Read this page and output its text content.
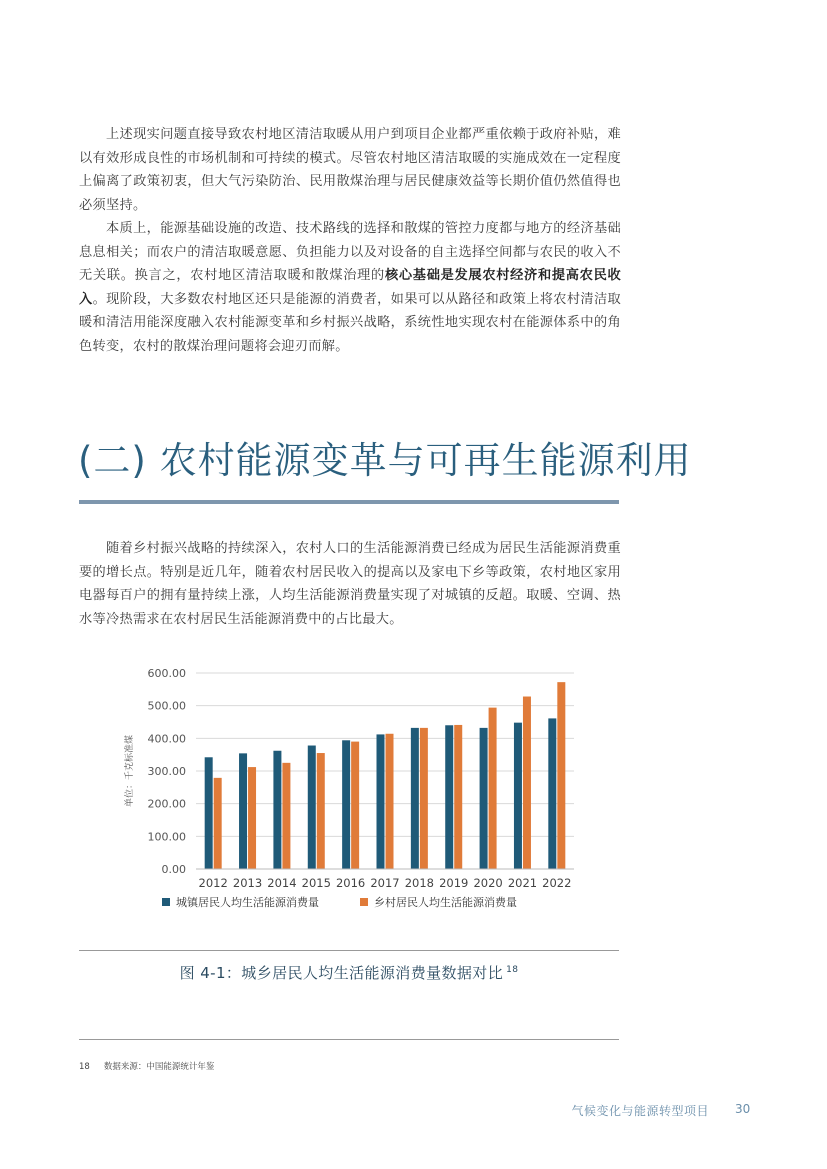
上述现实问题直接导致农村地区清洁取暖从用户到项目企业都严重依赖于政府补贴，难以有效形成良性的市场机制和可持续的模式。尽管农村地区清洁取暖的实施成效在一定程度上偏离了政策初衷，但大气污染防治、民用散煤治理与居民健康效益等长期价值仍然值得也必须坚持。

本质上，能源基础设施的改造、技术路线的选择和散煤的管控力度都与地方的经济基础息息相关；而农户的清洁取暖意愿、负担能力以及对设备的自主选择空间都与农民的收入不无关联。换言之，农村地区清洁取暖和散煤治理的核心基础是发展农村经济和提高农民收入。现阶段，大多数农村地区还只是能源的消费者，如果可以从路径和政策上将农村清洁取暖和清洁用能深度融入农村能源变革和乡村振兴战略，系统性地实现农村在能源体系中的角色转变，农村的散煤治理问题将会迎刃而解。

(二) 农村能源变革与可再生能源利用

随着乡村振兴战略的持续深入，农村人口的生活能源消费已经成为居民生活能源消费重要的增长点。特别是近几年，随着农村居民收入的提高以及家电下乡等政策，农村地区家用电器每百户的拥有量持续上涨，人均生活能源消费量实现了对城镇的反超。取暖、空调、热水等冷热需求在农村居民生活能源消费中的占比最大。

0.00
100.00
200.00
300.00
400.00
500.00
600.00
单位：千克标准煤
2012 2013 2014 2015 2016 2017 2018 2019 2020 2021 2022
城镇居民人均生活能源消费量	乡村居民人均生活能源消费量
图 4-1：城乡居民人均生活能源消费量数据对比 $^{18}$
18 数据来源：中国能源统计年鉴
气候变化与能源转型项目 30
